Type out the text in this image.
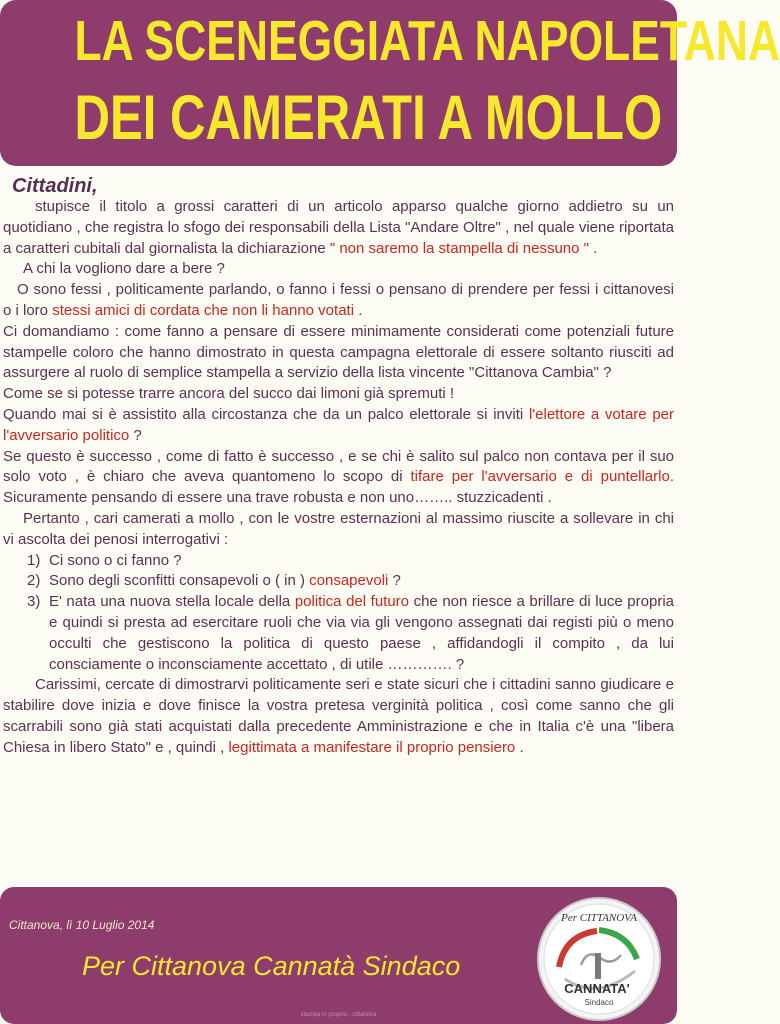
LA SCENEGGIATA NAPOLETANA
DEI CAMERATI A MOLLO
Cittadini,

stupisce il titolo a grossi caratteri di un articolo apparso qualche giorno addietro su un quotidiano , che registra lo sfogo dei responsabili della Lista "Andare Oltre" , nel quale viene riportata a caratteri cubitali dal giornalista la dichiarazione " non saremo la stampella di nessuno " .

A chi la vogliono dare a bere ?

O sono fessi , politicamente parlando, o fanno i fessi o pensano di prendere per fessi i cittanovesi o i loro stessi amici di cordata che non li hanno votati .

Ci domandiamo : come fanno a pensare di essere minimamente considerati come potenziali future stampelle coloro che hanno dimostrato in questa campagna elettorale di essere soltanto riusciti ad assurgere al ruolo di semplice stampella a servizio della lista vincente "Cittanova Cambia" ?

Come se si potesse trarre ancora del succo dai limoni già spremuti !

Quando mai si è assistito alla circostanza che da un palco elettorale si inviti l'elettore a votare per l'avversario politico ?

Se questo è successo , come di fatto è successo , e se chi è salito sul palco non contava per il suo solo voto , è chiaro che aveva quantomeno lo scopo di tifare per l'avversario e di puntellarlo. Sicuramente pensando di essere una trave robusta e non uno…….. stuzzicadenti .

Pertanto , cari camerati a mollo , con le vostre esternazioni al massimo riuscite a sollevare in chi vi ascolta dei penosi interrogativi :

1) Ci sono o ci fanno ?
2) Sono degli sconfitti consapevoli o ( in ) consapevoli ?
3) E' nata una nuova stella locale della politica del futuro che non riesce a brillare di luce propria e quindi si presta ad esercitare ruoli che via via gli vengono assegnati dai registi più o meno occulti che gestiscono la politica di questo paese , affidandogli il compito , da lui consciamente o inconsciamente accettato , di utile …………. ?

Carissimi, cercate di dimostrarvi politicamente seri e state sicuri che i cittadini sanno giudicare e stabilire dove inizia e dove finisce la vostra pretesa verginità politica , così come sanno che gli scarrabili sono già stati acquistati dalla precedente Amministrazione e che in Italia c'è una "libera Chiesa in libero Stato" e , quindi , legittimata a manifestare il proprio pensiero .

Cittanova, lì 10 Luglio 2014
Per Cittanova Cannatà Sindaco
stampa in proprio - cittanova
Per CITTANOVA
CANNATA'
Sindaco
